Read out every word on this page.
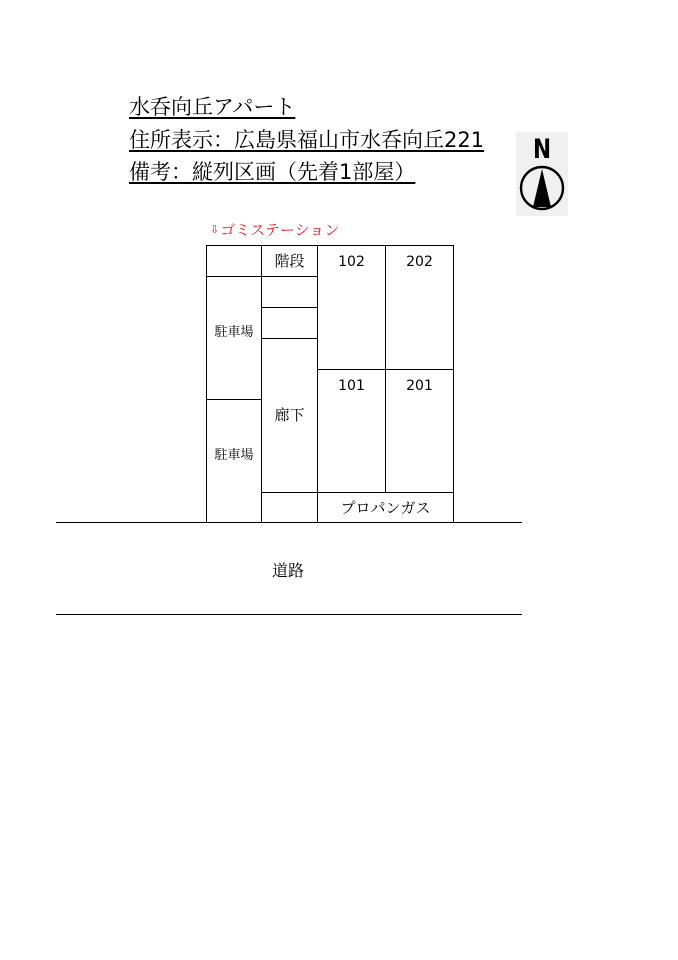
水呑向丘アパート
住所表示：広島県福山市水呑向丘221
備考：縦列区画（先着1部屋）
N
⇩ゴミステーション
駐車場
駐車場
階段
廊下
102	202
101	201
プロパンガス
道路
